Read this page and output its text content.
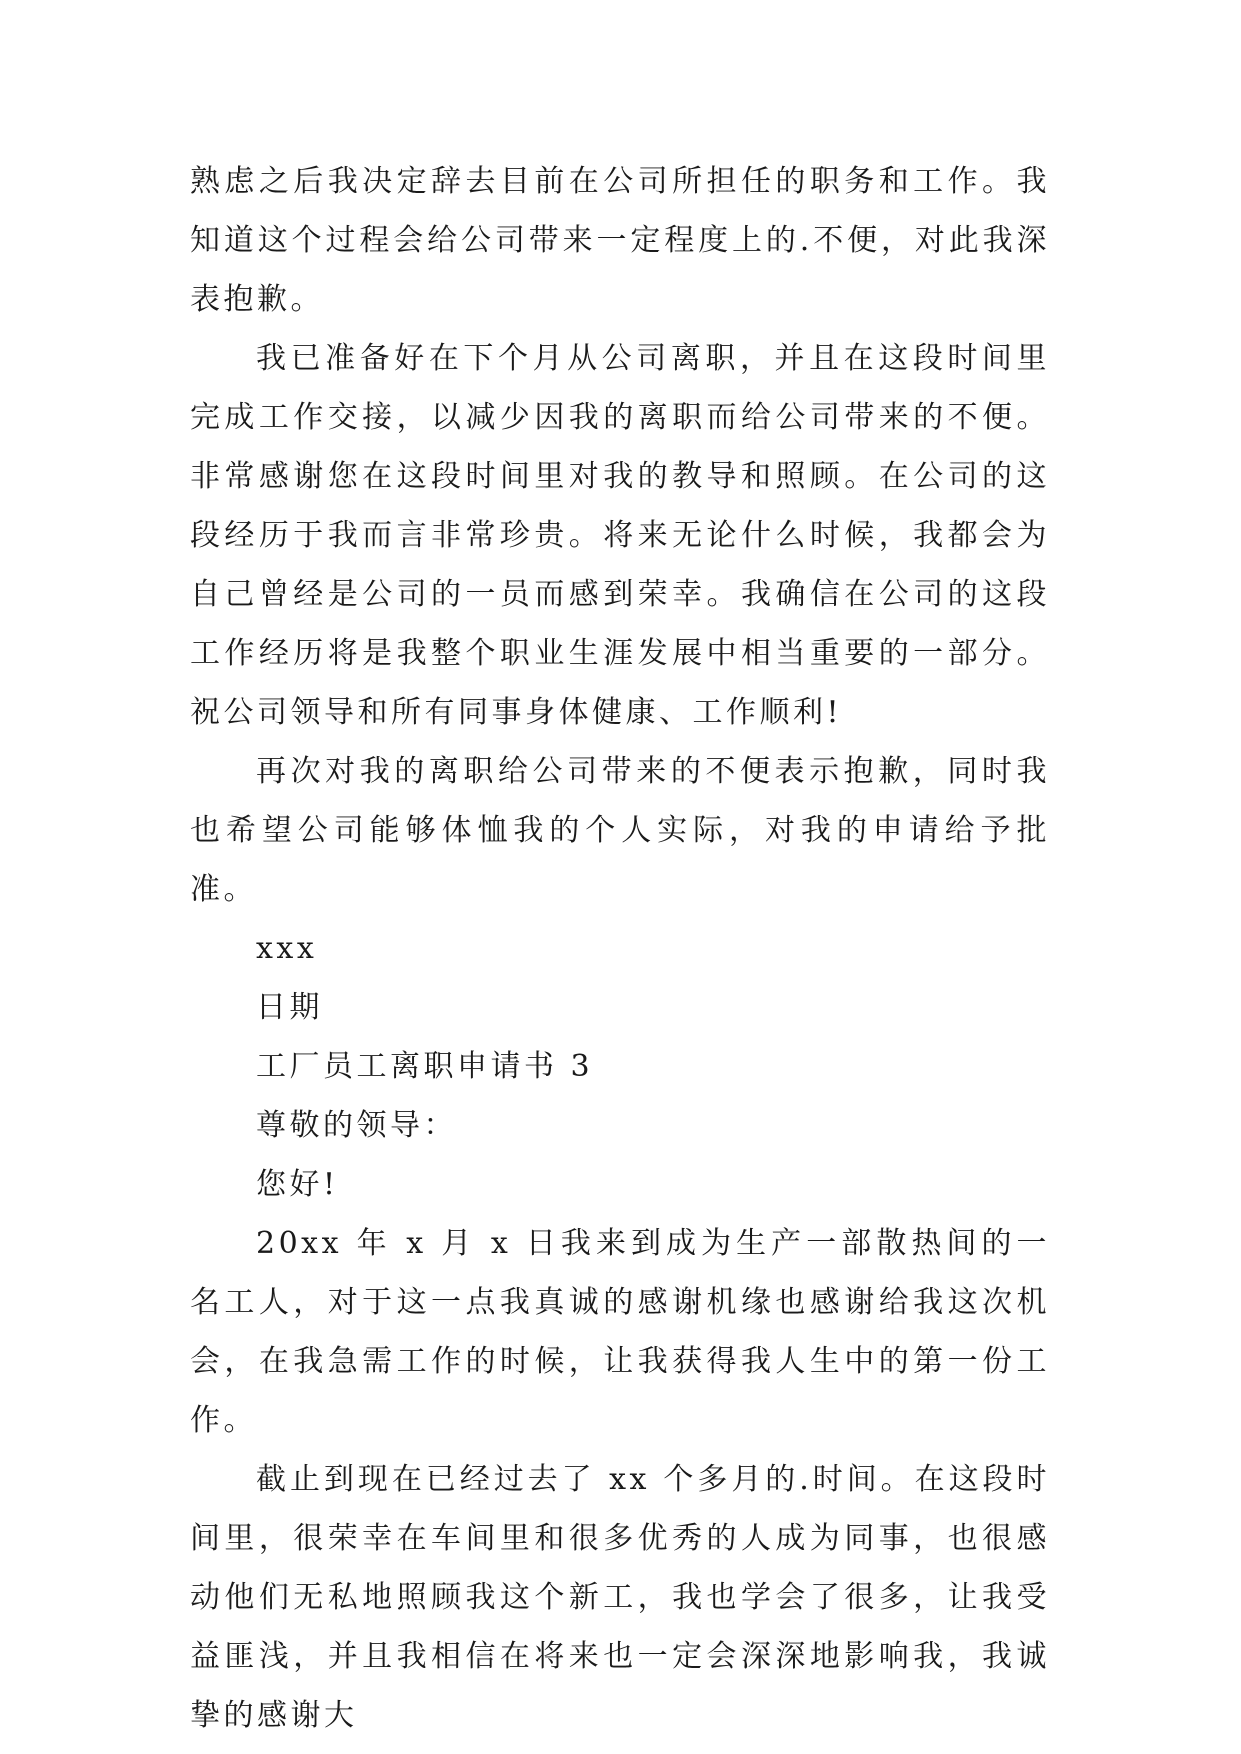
熟虑之后我决定辞去目前在公司所担任的职务和工作。我知道这个过程会给公司带来一定程度上的.不便，对此我深表抱歉。

我已准备好在下个月从公司离职，并且在这段时间里完成工作交接，以减少因我的离职而给公司带来的不便。非常感谢您在这段时间里对我的教导和照顾。在公司的这段经历于我而言非常珍贵。将来无论什么时候，我都会为自己曾经是公司的一员而感到荣幸。我确信在公司的这段工作经历将是我整个职业生涯发展中相当重要的一部分。祝公司领导和所有同事身体健康、工作顺利!

再次对我的离职给公司带来的不便表示抱歉，同时我也希望公司能够体恤我的个人实际，对我的申请给予批准。

xxx

日期

工厂员工离职申请书 3

尊敬的领导：

您好!

20xx 年 x 月 x 日我来到成为生产一部散热间的一名工人，对于这一点我真诚的感谢机缘也感谢给我这次机会，在我急需工作的时候，让我获得我人生中的第一份工作。

截止到现在已经过去了 xx 个多月的.时间。在这段时间里，很荣幸在车间里和很多优秀的人成为同事，也很感动他们无私地照顾我这个新工，我也学会了很多，让我受益匪浅，并且我相信在将来也一定会深深地影响我，我诚挚的感谢大
